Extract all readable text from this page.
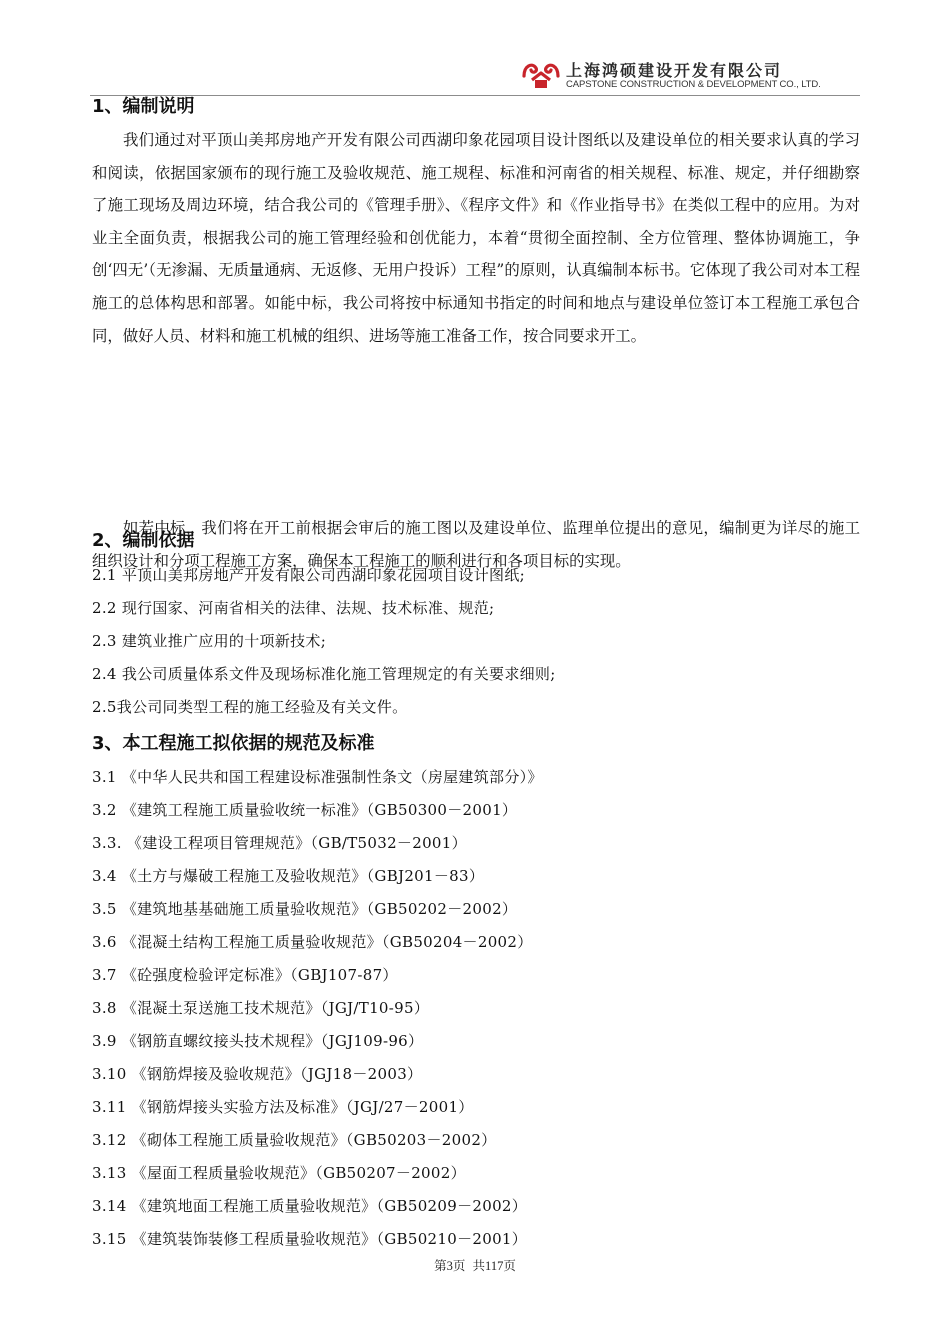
上海鸿硕建设开发有限公司
CAPSTONE CONSTRUCTION & DEVELOPMENT CO., LTD.
1、编制说明

我们通过对平顶山美邦房地产开发有限公司西湖印象花园项目设计图纸以及建设单位的相关要求认真的学习和阅读，依据国家颁布的现行施工及验收规范、施工规程、标准和河南省的相关规程、标准、规定，并仔细勘察了施工现场及周边环境，结合我公司的《管理手册》、《程序文件》和《作业指导书》在类似工程中的应用。为对业主全面负责，根据我公司的施工管理经验和创优能力，本着“贯彻全面控制、全方位管理、整体协调施工，争创‘四无’（无渗漏、无质量通病、无返修、无用户投诉）工程”的原则，认真编制本标书。它体现了我公司对本工程施工的总体构思和部署。如能中标，我公司将按中标通知书指定的时间和地点与建设单位签订本工程施工承包合同，做好人员、材料和施工机械的组织、进场等施工准备工作，按合同要求开工。

如若中标，我们将在开工前根据会审后的施工图以及建设单位、监理单位提出的意见，编制更为详尽的施工组织设计和分项工程施工方案，确保本工程施工的顺利进行和各项目标的实现。

2、编制依据

2.1 平顶山美邦房地产开发有限公司西湖印象花园项目设计图纸;

2.2 现行国家、河南省相关的法律、法规、技术标准、规范;

2.3 建筑业推广应用的十项新技术;

2.4 我公司质量体系文件及现场标准化施工管理规定的有关要求细则;

2.5我公司同类型工程的施工经验及有关文件。

3、本工程施工拟依据的规范及标准

3.1 《中华人民共和国工程建设标准强制性条文（房屋建筑部分）》

3.2 《建筑工程施工质量验收统一标准》（GB50300－2001）

3.3. 《建设工程项目管理规范》（GB/T5032－2001）

3.4 《土方与爆破工程施工及验收规范》（GBJ201－83）

3.5 《建筑地基基础施工质量验收规范》（GB50202－2002）

3.6 《混凝土结构工程施工质量验收规范》（GB50204－2002）

3.7 《砼强度检验评定标准》（GBJ107-87）

3.8 《混凝土泵送施工技术规范》（JGJ/T10-95）

3.9 《钢筋直螺纹接头技术规程》（JGJ109-96）

3.10 《钢筋焊接及验收规范》（JGJ18－2003）

3.11 《钢筋焊接头实验方法及标准》（JGJ/27－2001）

3.12 《砌体工程施工质量验收规范》（GB50203－2002）

3.13 《屋面工程质量验收规范》（GB50207－2002）

3.14 《建筑地面工程施工质量验收规范》（GB50209－2002）

3.15 《建筑装饰装修工程质量验收规范》（GB50210－2001）

第3页 共117页
